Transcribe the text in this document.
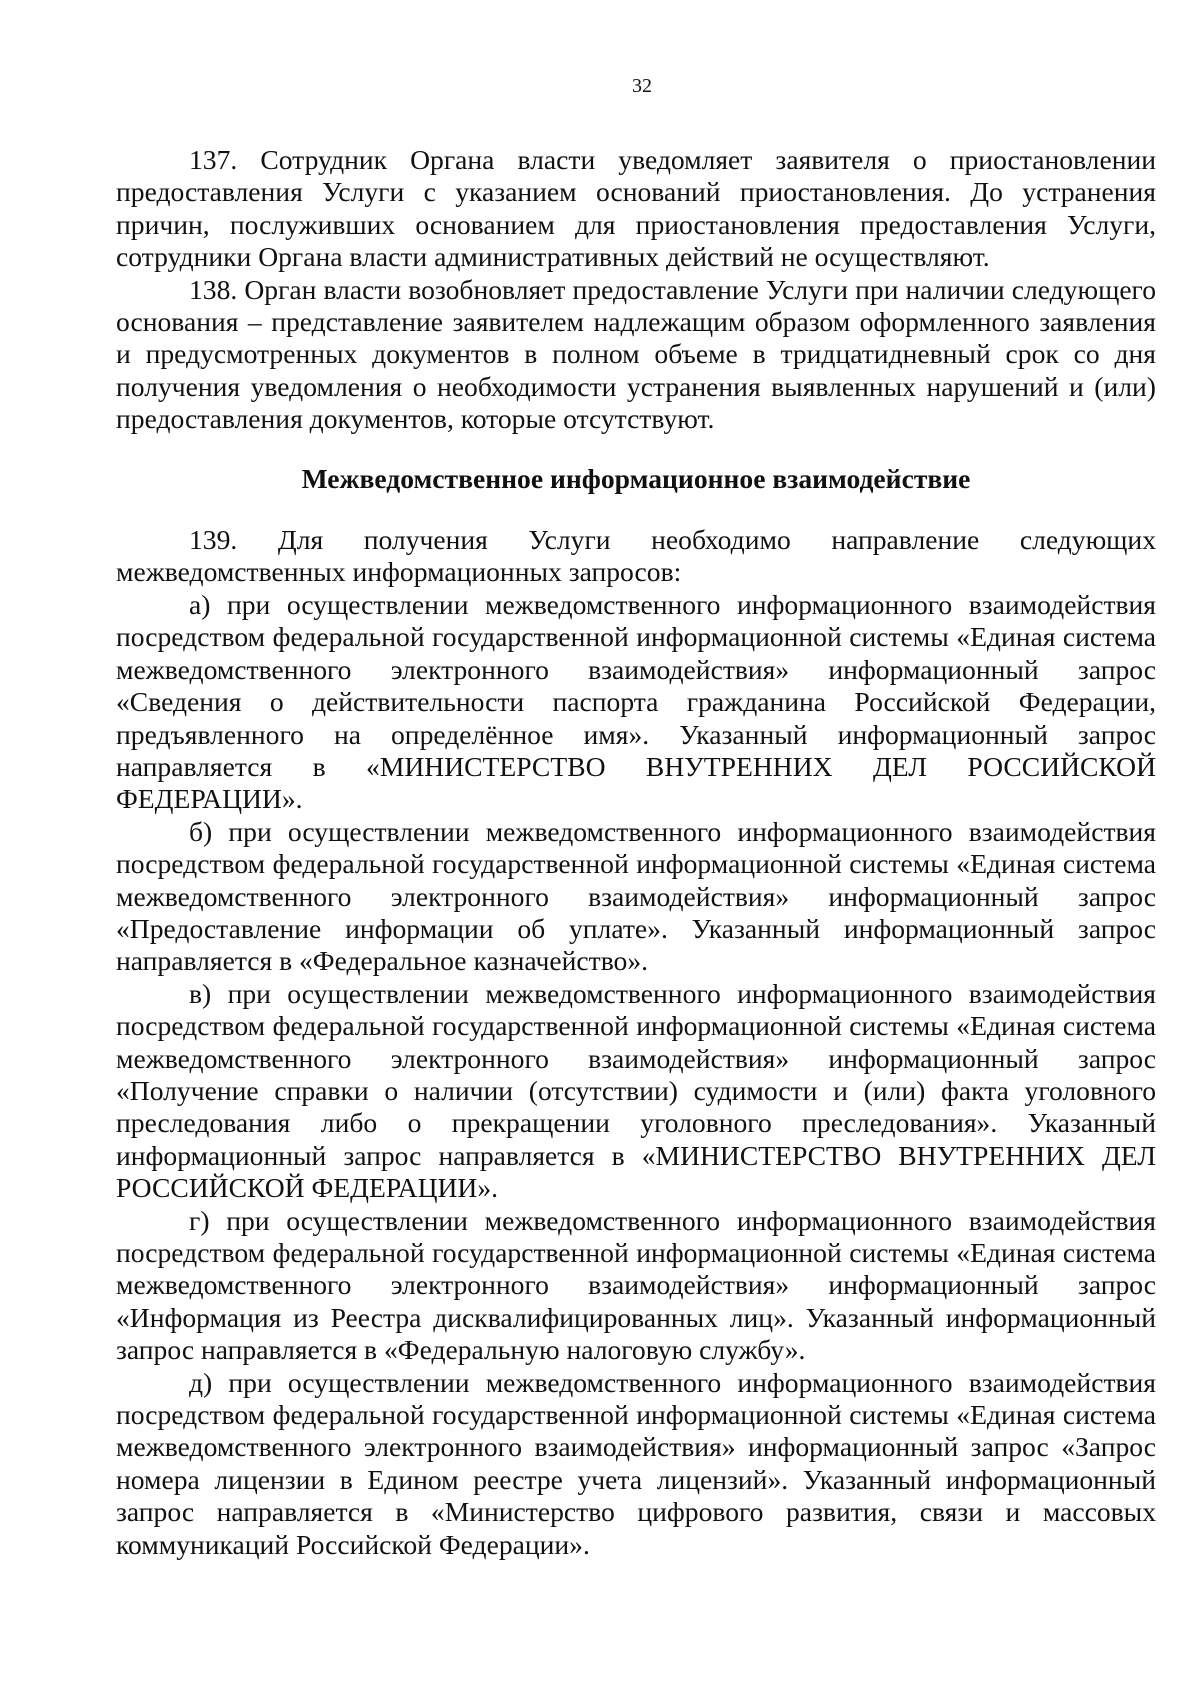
32

137. Сотрудник Органа власти уведомляет заявителя о приостановлении предоставления Услуги с указанием оснований приостановления. До устранения причин, послуживших основанием для приостановления предоставления Услуги, сотрудники Органа власти административных действий не осуществляют.

138. Орган власти возобновляет предоставление Услуги при наличии следующего основания – представление заявителем надлежащим образом оформленного заявления и предусмотренных документов в полном объеме в тридцатидневный срок со дня получения уведомления о необходимости устранения выявленных нарушений и (или) предоставления документов, которые отсутствуют.

Межведомственное информационное взаимодействие

139. Для получения Услуги необходимо направление следующих межведомственных информационных запросов:

а) при осуществлении межведомственного информационного взаимодействия посредством федеральной государственной информационной системы «Единая система межведомственного электронного взаимодействия» информационный запрос «Сведения о действительности паспорта гражданина Российской Федерации, предъявленного на определённое имя». Указанный информационный запрос направляется в «МИНИСТЕРСТВО ВНУТРЕННИХ ДЕЛ РОССИЙСКОЙ ФЕДЕРАЦИИ».

б) при осуществлении межведомственного информационного взаимодействия посредством федеральной государственной информационной системы «Единая система межведомственного электронного взаимодействия» информационный запрос «Предоставление информации об уплате». Указанный информационный запрос направляется в «Федеральное казначейство».

в) при осуществлении межведомственного информационного взаимодействия посредством федеральной государственной информационной системы «Единая система межведомственного электронного взаимодействия» информационный запрос «Получение справки о наличии (отсутствии) судимости и (или) факта уголовного преследования либо о прекращении уголовного преследования». Указанный информационный запрос направляется в «МИНИСТЕРСТВО ВНУТРЕННИХ ДЕЛ РОССИЙСКОЙ ФЕДЕРАЦИИ».

г) при осуществлении межведомственного информационного взаимодействия посредством федеральной государственной информационной системы «Единая система межведомственного электронного взаимодействия» информационный запрос «Информация из Реестра дисквалифицированных лиц». Указанный информационный запрос направляется в «Федеральную налоговую службу».

д) при осуществлении межведомственного информационного взаимодействия посредством федеральной государственной информационной системы «Единая система межведомственного электронного взаимодействия» информационный запрос «Запрос номера лицензии в Едином реестре учета лицензий». Указанный информационный запрос направляется в «Министерство цифрового развития, связи и массовых коммуникаций Российской Федерации».
